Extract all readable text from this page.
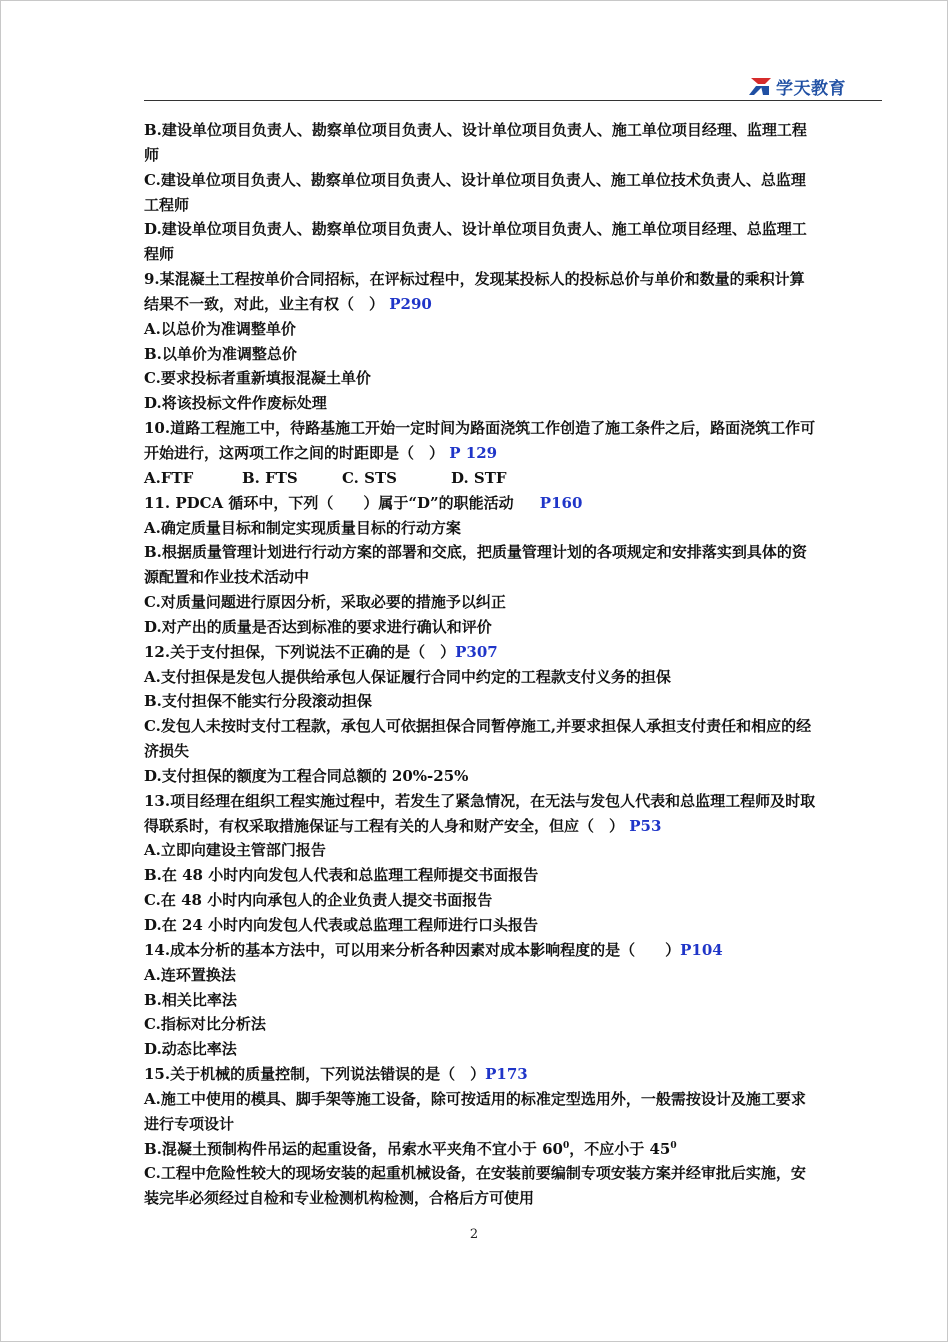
学天教育
B.建设单位项目负责人、勘察单位项目负责人、设计单位项目负责人、施工单位项目经理、监理工程
师
C.建设单位项目负责人、勘察单位项目负责人、设计单位项目负责人、施工单位技术负责人、总监理
工程师
D.建设单位项目负责人、勘察单位项目负责人、设计单位项目负责人、施工单位项目经理、总监理工
程师
9.某混凝土工程按单价合同招标，在评标过程中，发现某投标人的投标总价与单价和数量的乘积计算
结果不一致，对此，业主有权（　） P290
A.以总价为准调整单价
B.以单价为准调整总价
C.要求投标者重新填报混凝土单价
D.将该投标文件作废标处理
10.道路工程施工中，待路基施工开始一定时间为路面浇筑工作创造了施工条件之后，路面浇筑工作可
开始进行，这两项工作之间的时距即是（　） P 129
A.FTF	B. FTS	C. STS	D. STF
11. PDCA 循环中，下列（　　）属于“D”的职能活动 P160
A.确定质量目标和制定实现质量目标的行动方案
B.根据质量管理计划进行行动方案的部署和交底，把质量管理计划的各项规定和安排落实到具体的资
源配置和作业技术活动中
C.对质量问题进行原因分析，采取必要的措施予以纠正
D.对产出的质量是否达到标准的要求进行确认和评价
12.关于支付担保，下列说法不正确的是（　）P307
A.支付担保是发包人提供给承包人保证履行合同中约定的工程款支付义务的担保
B.支付担保不能实行分段滚动担保
C.发包人未按时支付工程款，承包人可依据担保合同暂停施工,并要求担保人承担支付责任和相应的经
济损失
D.支付担保的额度为工程合同总额的 20%-25%
13.项目经理在组织工程实施过程中，若发生了紧急情况，在无法与发包人代表和总监理工程师及时取
得联系时，有权采取措施保证与工程有关的人身和财产安全，但应（　） P53
A.立即向建设主管部门报告
B.在 48 小时内向发包人代表和总监理工程师提交书面报告
C.在 48 小时内向承包人的企业负责人提交书面报告
D.在 24 小时内向发包人代表或总监理工程师进行口头报告
14.成本分析的基本方法中，可以用来分析各种因素对成本影响程度的是（　　）P104
A.连环置换法
B.相关比率法
C.指标对比分析法
D.动态比率法
15.关于机械的质量控制，下列说法错误的是（　）P173
A.施工中使用的模具、脚手架等施工设备，除可按适用的标准定型选用外，一般需按设计及施工要求
进行专项设计
B.混凝土预制构件吊运的起重设备，吊索水平夹角不宜小于 $60^0$，不应小于 $45^0$
C.工程中危险性较大的现场安装的起重机械设备，在安装前要编制专项安装方案并经审批后实施，安
装完毕必须经过自检和专业检测机构检测，合格后方可使用
2
